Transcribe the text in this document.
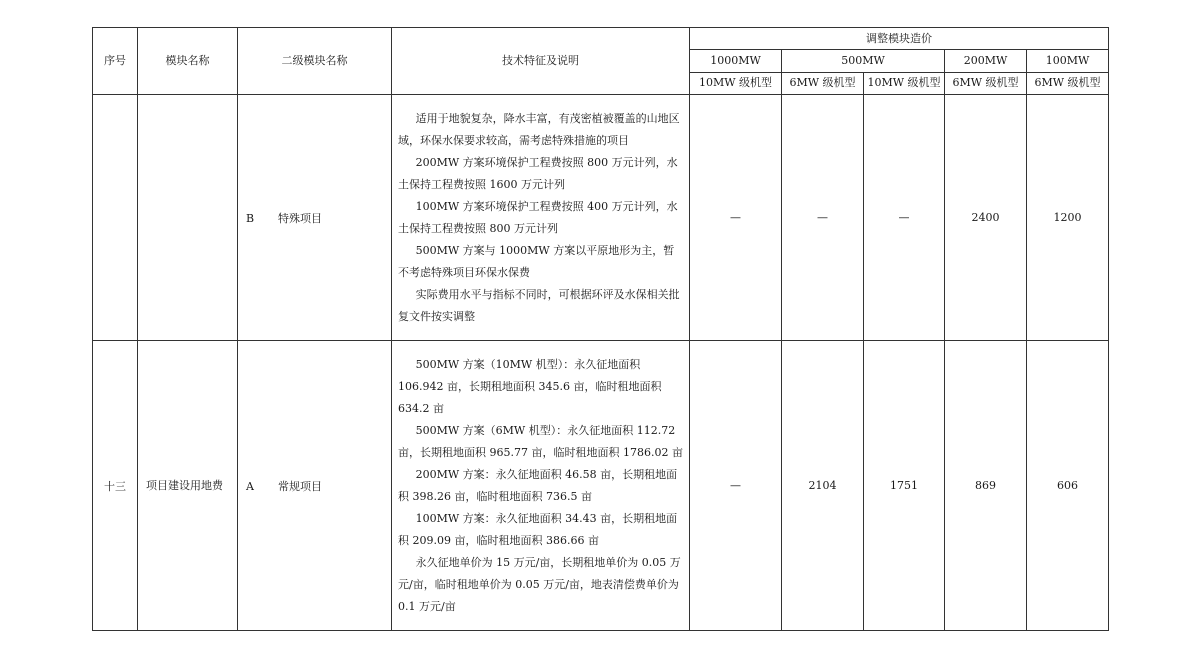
序号	模块名称	二级模块名称	技术特征及说明	调整模块造价				
				1000MW	500MW		200MW	100MW
				10MW 级机型	6MW 级机型	10MW 级机型	6MW 级机型	6MW 级机型
		B 特殊项目	适用于地貌复杂，降水丰富，有茂密植被覆盖的山地区域，环保水保要求较高，需考虑特殊措施的项目

200MW 方案环境保护工程费按照 800 万元计列，水土保持工程费按照 1600 万元计列

100MW 方案环境保护工程费按照 400 万元计列，水土保持工程费按照 800 万元计列

500MW 方案与 1000MW 方案以平原地形为主，暂不考虑特殊项目环保水保费

实际费用水平与指标不同时，可根据环评及水保相关批复文件按实调整	—	—	—	2400	1200
十三	项目建设用地费	A 常规项目	500MW 方案（10MW 机型）：永久征地面积 106.942 亩，长期租地面积 345.6 亩，临时租地面积 634.2 亩

500MW 方案（6MW 机型）：永久征地面积 112.72 亩，长期租地面积 965.77 亩，临时租地面积 1786.02 亩

200MW 方案：永久征地面积 46.58 亩，长期租地面积 398.26 亩，临时租地面积 736.5 亩

100MW 方案：永久征地面积 34.43 亩，长期租地面积 209.09 亩，临时租地面积 386.66 亩

永久征地单价为 15 万元/亩，长期租地单价为 0.05 万元/亩，临时租地单价为 0.05 万元/亩，地表清偿费单价为 0.1 万元/亩	—	2104	1751	869	606
